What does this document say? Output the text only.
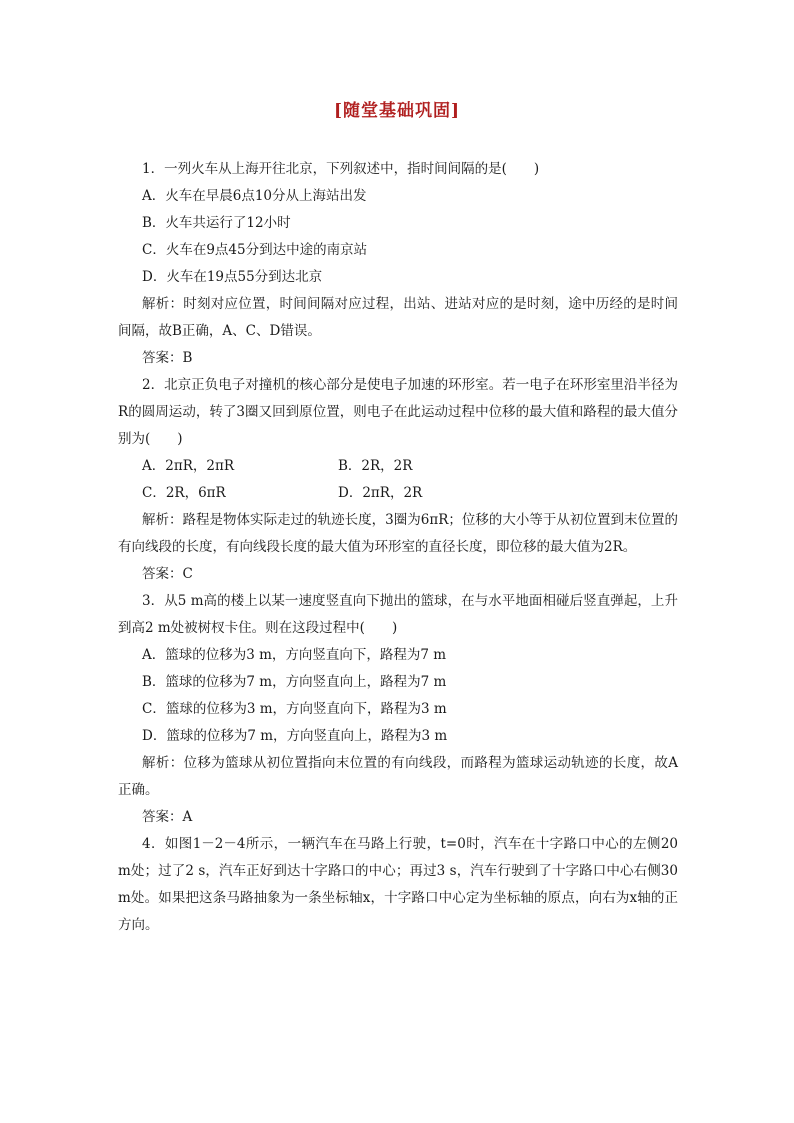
[随堂基础巩固]

1．一列火车从上海开往北京，下列叙述中，指时间间隔的是(　　)

A．火车在早晨6点10分从上海站出发

B．火车共运行了12小时

C．火车在9点45分到达中途的南京站

D．火车在19点55分到达北京

解析：时刻对应位置，时间间隔对应过程，出站、进站对应的是时刻，途中历经的是时间间隔，故B正确，A、C、D错误。

答案：B

2．北京正负电子对撞机的核心部分是使电子加速的环形室。若一电子在环形室里沿半径为R的圆周运动，转了3圈又回到原位置，则电子在此运动过程中位移的最大值和路程的最大值分别为(　　)

A．2πR，2πR	B．2R，2R
C．2R，6πR	D．2πR，2R

解析：路程是物体实际走过的轨迹长度，3圈为6πR；位移的大小等于从初位置到末位置的有向线段的长度，有向线段长度的最大值为环形室的直径长度，即位移的最大值为2R。

答案：C

3．从5 m高的楼上以某一速度竖直向下抛出的篮球，在与水平地面相碰后竖直弹起，上升到高2 m处被树杈卡住。则在这段过程中(　　)

A．篮球的位移为3 m，方向竖直向下，路程为7 m

B．篮球的位移为7 m，方向竖直向上，路程为7 m

C．篮球的位移为3 m，方向竖直向下，路程为3 m

D．篮球的位移为7 m，方向竖直向上，路程为3 m

解析：位移为篮球从初位置指向末位置的有向线段，而路程为篮球运动轨迹的长度，故A正确。

答案：A

4．如图1－2－4所示，一辆汽车在马路上行驶，t=0时，汽车在十字路口中心的左侧20 m处；过了2 s，汽车正好到达十字路口的中心；再过3 s，汽车行驶到了十字路口中心右侧30 m处。如果把这条马路抽象为一条坐标轴x，十字路口中心定为坐标轴的原点，向右为x轴的正方向。
